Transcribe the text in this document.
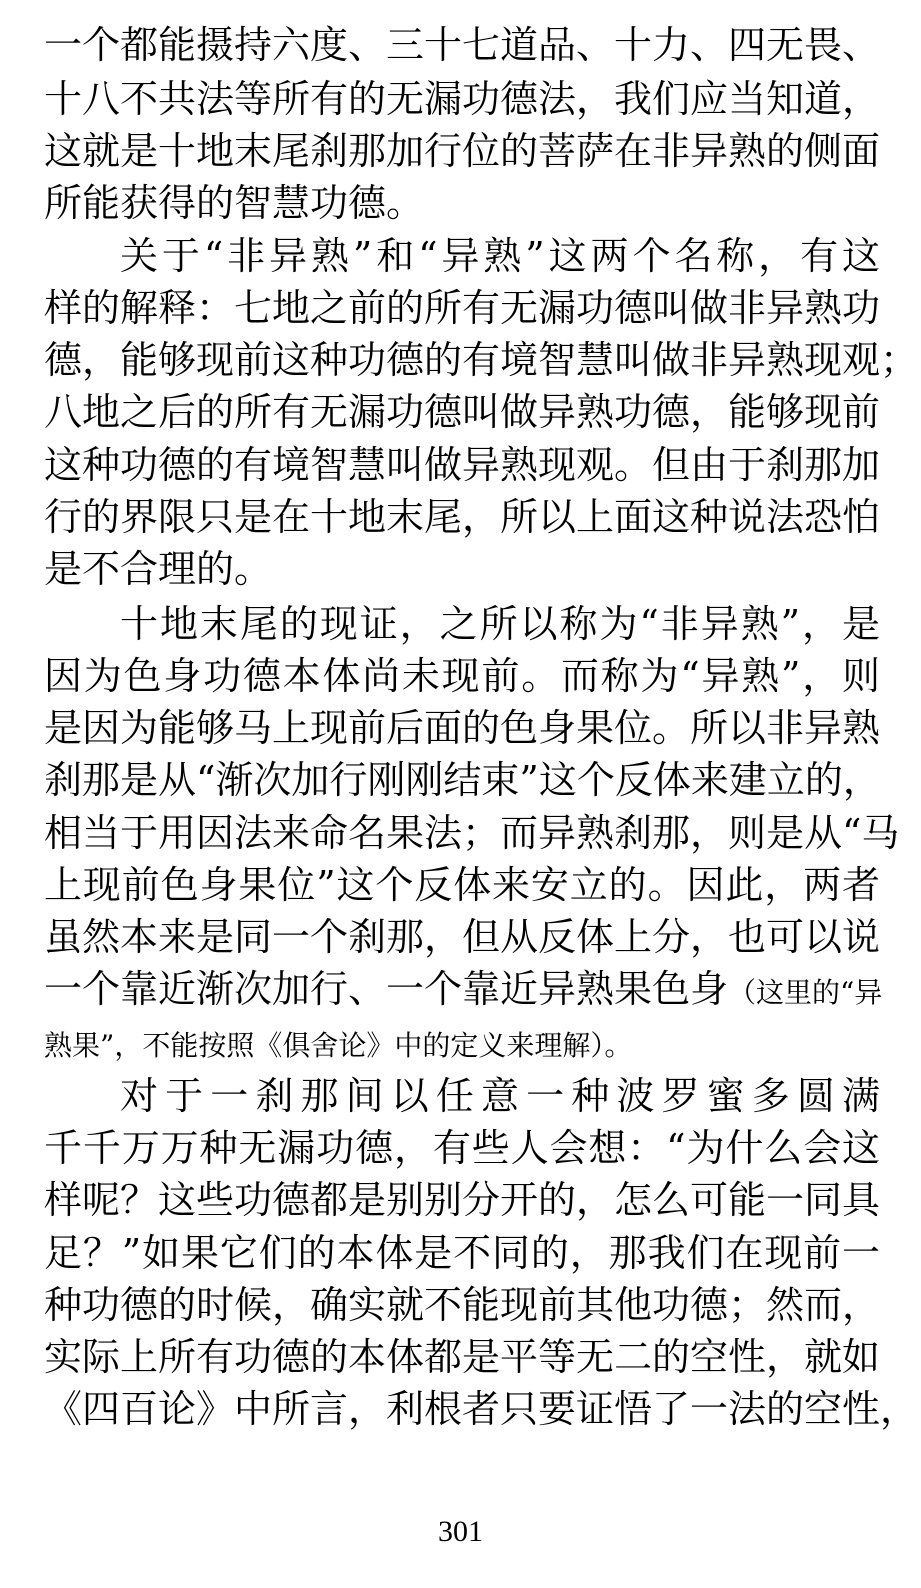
一个都能摄持六度、三十七道品、十力、四无畏、
十八不共法等所有的无漏功德法，我们应当知道，
这就是十地末尾刹那加行位的菩萨在非异熟的侧面
所能获得的智慧功德。
关于“非异熟”和“异熟”这两个名称，有这
样的解释：七地之前的所有无漏功德叫做非异熟功
德，能够现前这种功德的有境智慧叫做非异熟现观；
八地之后的所有无漏功德叫做异熟功德，能够现前
这种功德的有境智慧叫做异熟现观。但由于刹那加
行的界限只是在十地末尾，所以上面这种说法恐怕
是不合理的。
十地末尾的现证，之所以称为“非异熟”，是
因为色身功德本体尚未现前。而称为“异熟”，则
是因为能够马上现前后面的色身果位。所以非异熟
刹那是从“渐次加行刚刚结束”这个反体来建立的，
相当于用因法来命名果法；而异熟刹那，则是从“马
上现前色身果位”这个反体来安立的。因此，两者
虽然本来是同一个刹那，但从反体上分，也可以说
一个靠近渐次加行、一个靠近异熟果色身（这里的“异
熟果”，不能按照《俱舍论》中的定义来理解）。
对于一刹那间以任意一种波罗蜜多圆满
千千万万种无漏功德，有些人会想：“为什么会这
样呢？这些功德都是别别分开的，怎么可能一同具
足？”如果它们的本体是不同的，那我们在现前一
种功德的时候，确实就不能现前其他功德；然而，
实际上所有功德的本体都是平等无二的空性，就如
《四百论》中所言，利根者只要证悟了一法的空性，
301
